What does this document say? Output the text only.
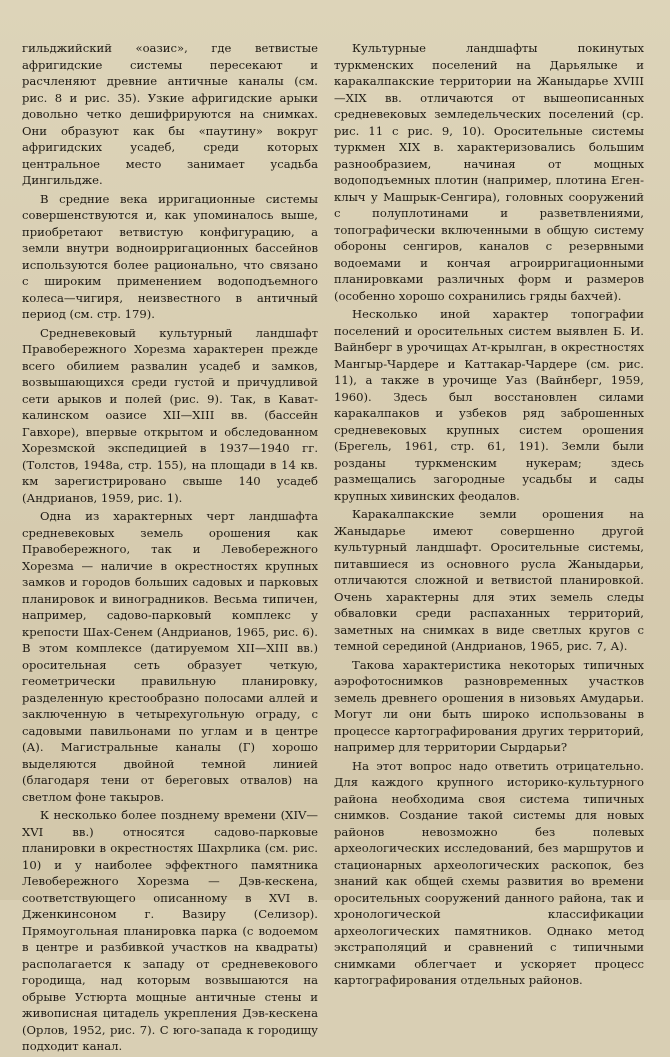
гильджийский «оазис», где ветвистые афригидские системы пересекают и расчленяют древние античные каналы (см. рис. 8 и рис. 35). Узкие афригидские арыки довольно четко дешифрируются на снимках. Они образуют как бы «паутину» вокруг афригидских усадеб, среди которых центральное место занимает усадьба Дингильдже.

В средние века ирригационные системы совершенствуются и, как упоминалось выше, приобретают ветвистую конфигурацию, а земли внутри водноирригационных бассейнов используются более рационально, что связано с широким применением водоподъемного колеса—чигиря, неизвестного в античный период (см. стр. 179).

Средневековый культурный ландшафт Правобережного Хорезма характерен прежде всего обилием развалин усадеб и замков, возвышающихся среди густой и причудливой сети арыков и полей (рис. 9). Так, в Кават-калинском оазисе XII—XIII вв. (бассейн Гавхоре), впервые открытом и обследованном Хорезмской экспедицией в 1937—1940 гг. (Толстов, 1948а, стр. 155), на площади в 14 кв. км зарегистрировано свыше 140 усадеб (Андрианов, 1959, рис. 1).

Одна из характерных черт ландшафта средневековых земель орошения как Правобережного, так и Левобережного Хорезма — наличие в окрестностях крупных замков и городов больших садовых и парковых планировок и виноградников. Весьма типичен, например, садово-парковый комплекс у крепости Шах-Сенем (Андрианов, 1965, рис. 6). В этом комплексе (датируемом XII—XIII вв.) оросительная сеть образует четкую, геометрически правильную планировку, разделенную крестообразно полосами аллей и заключенную в четырехугольную ограду, с садовыми павильонами по углам и в центре (А). Магистральные каналы (Г) хорошо выделяются двойной темной линией (благодаря тени от береговых отвалов) на светлом фоне такыров.

К несколько более позднему времени (XIV—XVI вв.) относятся садово-парковые планировки в окрестностях Шахрлика (см. рис. 10) и у наиболее эффектного памятника Левобережного Хорезма — Дэв-кескена, соответствующего описанному в XVI в. Дженкинсоном г. Вазиру (Селизор). Прямоугольная планировка парка (с водоемом в центре и разбивкой участков на квадраты) располагается к западу от средневекового городища, над которым возвышаются на обрыве Устюрта мощные античные стены и живописная цитадель укрепления Дэв-кескена (Орлов, 1952, рис. 7). С юго-запада к городищу подходит канал.

Культурные ландшафты покинутых туркменских поселений на Дарьялыке и каракалпакские территории на Жаныдарье XVIII—XIX вв. отличаются от вышеописанных средневековых земледельческих поселений (ср. рис. 11 с рис. 9, 10). Оросительные системы туркмен XIX в. характеризовались большим разнообразием, начиная от мощных водоподъемных плотин (например, плотина Еген-клыч у Машрык-Сенгира), головных сооружений с полуплотинами и разветвлениями, топографически включенными в общую систему обороны сенгиров, каналов с резервными водоемами и кончая агроирригационными планировками различных форм и размеров (особенно хорошо сохранились гряды бахчей).

Несколько иной характер топографии поселений и оросительных систем выявлен Б. И. Вайнберг в урочищах Ат-крылган, в окрестностях Мангыр-Чардере и Каттакар-Чардере (см. рис. 11), а также в урочище Уаз (Вайнберг, 1959, 1960). Здесь был восстановлен силами каракалпаков и узбеков ряд заброшенных средневековых крупных систем орошения (Брегель, 1961, стр. 61, 191). Земли были розданы туркменским нукерам; здесь размещались загородные усадьбы и сады крупных хивинских феодалов.

Каракалпакские земли орошения на Жаныдарье имеют совершенно другой культурный ландшафт. Оросительные системы, питавшиеся из основного русла Жаныдарьи, отличаются сложной и ветвистой планировкой. Очень характерны для этих земель следы обваловки среди распаханных территорий, заметных на снимках в виде светлых кругов с темной серединой (Андрианов, 1965, рис. 7, А).

Такова характеристика некоторых типичных аэрофотоснимков разновременных участков земель древнего орошения в низовьях Амударьи. Могут ли они быть широко использованы в процессе картографирования других территорий, например для территории Сырдарьи?

На этот вопрос надо ответить отрицательно. Для каждого крупного историко-культурного района необходима своя система типичных снимков. Создание такой системы для новых районов невозможно без полевых археологических исследований, без маршрутов и стационарных археологических раскопок, без знаний как общей схемы развития во времени оросительных сооружений данного района, так и хронологической классификации археологических памятников. Однако метод экстраполяций и сравнений с типичными снимками облегчает и ускоряет процесс картографирования отдельных районов.
